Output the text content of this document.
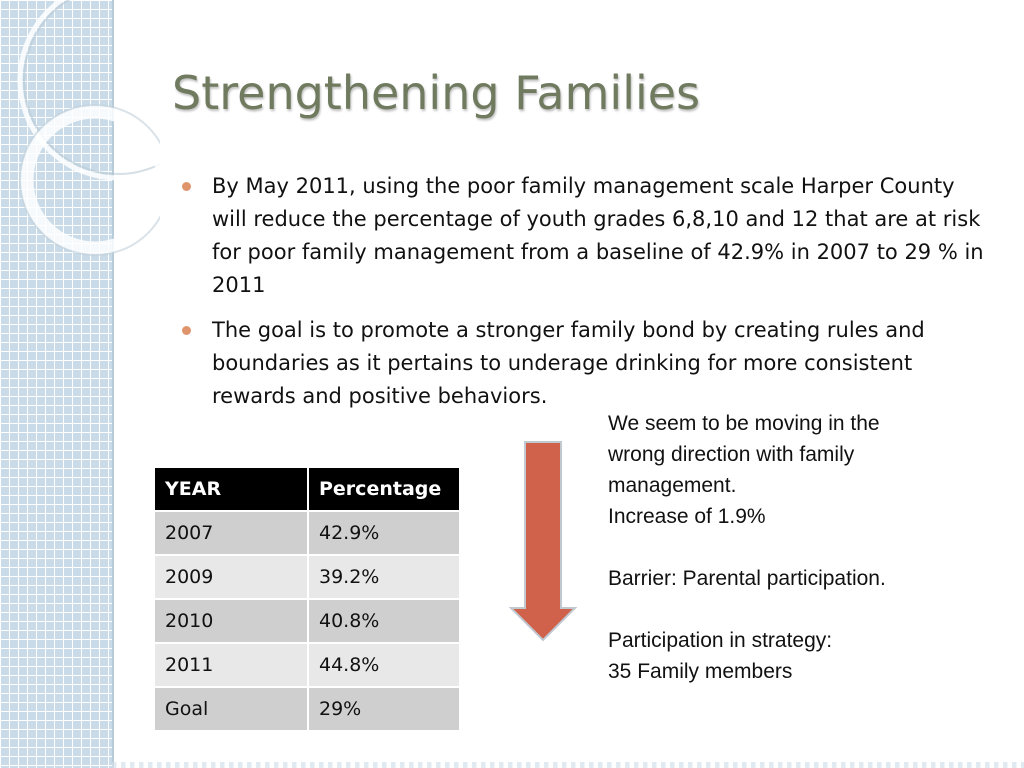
Strengthening Families
By May 2011, using the poor family management scale Harper County will reduce the percentage of youth grades 6,8,10 and 12 that are at risk for poor family management from a baseline of 42.9% in 2007 to 29 % in 2011
The goal is to promote a stronger family bond by creating rules and boundaries as it pertains to underage drinking for more consistent rewards and positive behaviors.
YEAR	Percentage
2007	42.9%
2009	39.2%
2010	40.8%
2011	44.8%
Goal	29%
We seem to be moving in the
wrong direction with family
management.
Increase of 1.9%
Barrier: Parental participation.
Participation in strategy:
35 Family members
